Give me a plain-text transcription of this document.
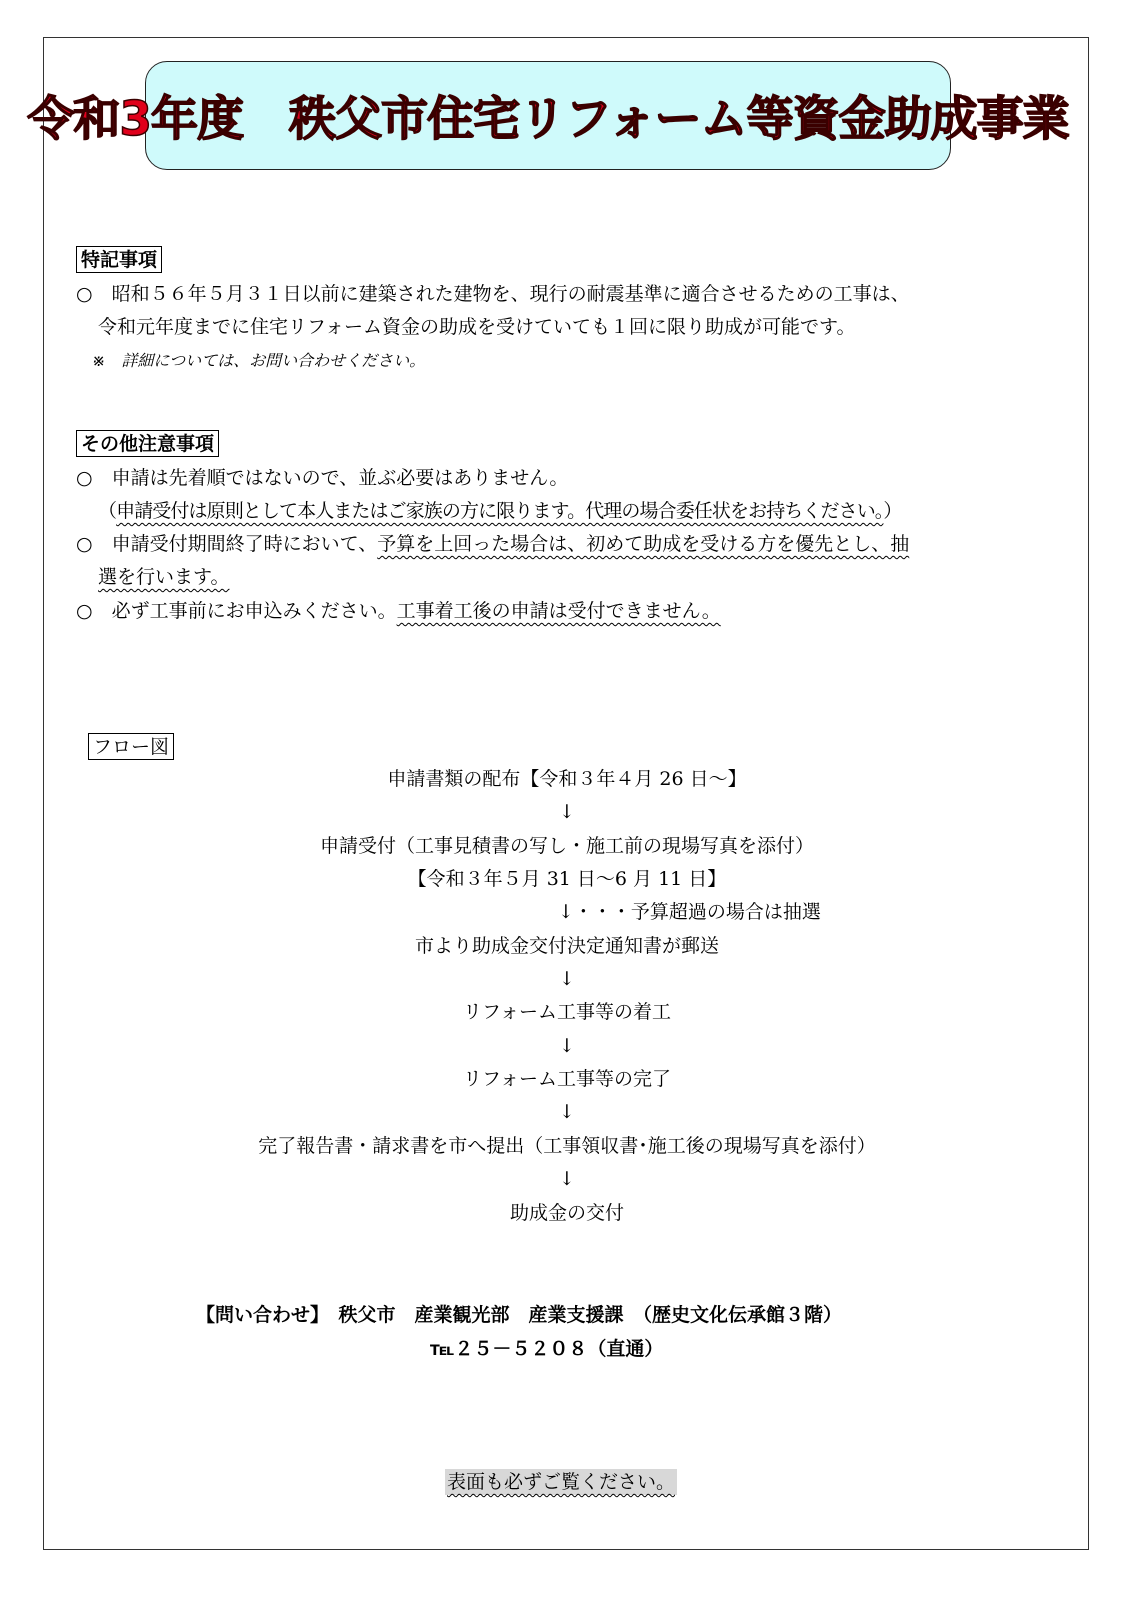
令和3年度　秩父市住宅リフォーム等資金助成事業
特記事項
○　昭和５６年５月３１日以前に建築された建物を、現行の耐震基準に適合させるための工事は、
令和元年度までに住宅リフォーム資金の助成を受けていても１回に限り助成が可能です。
※　詳細については、お問い合わせください。
その他注意事項
○　申請は先着順ではないので、並ぶ必要はありません。
（申請受付は原則として本人またはご家族の方に限ります。代理の場合委任状をお持ちください。）
○　申請受付期間終了時において、予算を上回った場合は、初めて助成を受ける方を優先とし、抽
選を行います。
○　必ず工事前にお申込みください。工事着工後の申請は受付できません。
フロー図
申請書類の配布【令和３年４月 26 日～】
↓
申請受付（工事見積書の写し・施工前の現場写真を添付）
【令和３年５月 31 日～6 月 11 日】
↓・・・予算超過の場合は抽選
市より助成金交付決定通知書が郵送
↓
リフォーム工事等の着工
↓
リフォーム工事等の完了
↓
完了報告書・請求書を市へ提出（工事領収書･施工後の現場写真を添付）
↓
助成金の交付
【問い合わせ】　秩父市　産業観光部　産業支援課　（歴史文化伝承館３階）
℡２５－５２０８（直通）
表面も必ずご覧ください。
